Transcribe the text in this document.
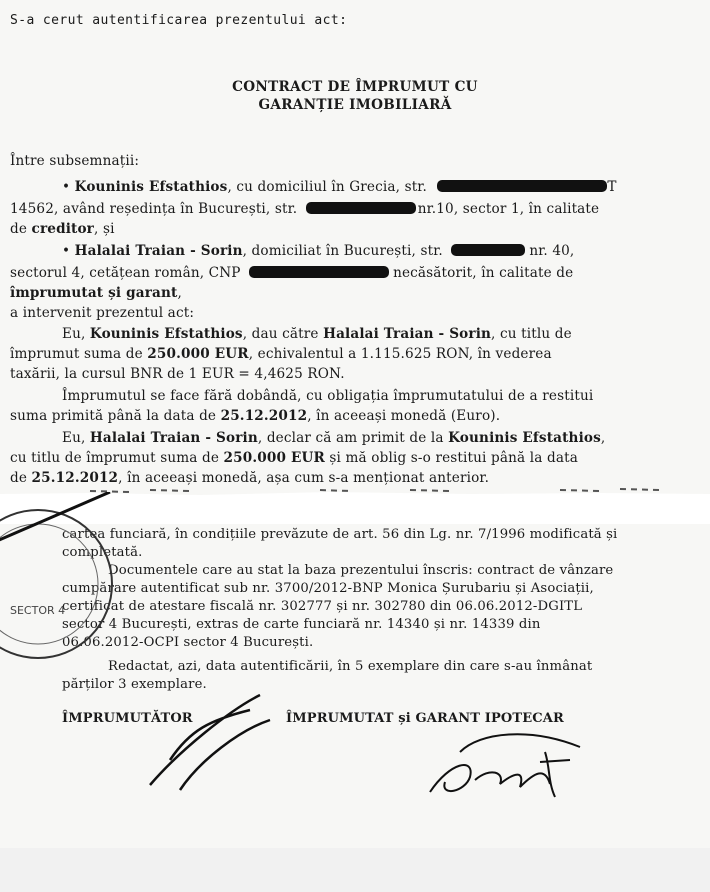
S-a cerut autentificarea prezentului act:
CONTRACT DE ÎMPRUMUT CU
GARANȚIE IMOBILIARĂ
Între subsemnații:
• Kouninis Efstathios, cu domiciliul în Grecia, str.	T
14562, având reședința în București, str.	nr.10, sector 1, în calitate
de creditor, și
• Halalai Traian - Sorin, domiciliat în București, str.	nr. 40,
sectorul 4, cetățean român, CNP	necăsătorit, în calitate de
împrumutat și garant,
a intervenit prezentul act:
Eu, Kouninis Efstathios, dau către Halalai Traian - Sorin, cu titlu de
împrumut suma de 250.000 EUR, echivalentul a 1.115.625 RON, în vederea
taxării, la cursul BNR de 1 EUR = 4,4625 RON.
Împrumutul se face fără dobândă, cu obligația împrumutatului de a restitui
suma primită până la data de 25.12.2012, în aceeași monedă (Euro).
Eu, Halalai Traian - Sorin, declar că am primit de la Kouninis Efstathios,
cu titlu de împrumut suma de 250.000 EUR și mă oblig s-o restitui până la data
de 25.12.2012, în aceeași monedă, așa cum s-a menționat anterior.
cartea funciară, în condițiile prevăzute de art. 56 din Lg. nr. 7/1996 modificată și
completată.
Documentele care au stat la baza prezentului înscris: contract de vânzare
cumpărare autentificat sub nr. 3700/2012-BNP Monica Șurubariu și Asociații,
certificat de atestare fiscală nr. 302777 și nr. 302780 din 06.06.2012-DGITL
sector 4 București, extras de carte funciară nr. 14340 și nr. 14339 din
06.06.2012-OCPI sector 4 București.
Redactat, azi, data autentificării, în 5 exemplare din care s-au înmânat
părților 3 exemplare.
ÎMPRUMUTĂTOR	ÎMPRUMUTAT și GARANT IPOTECAR
SECTOR 4
